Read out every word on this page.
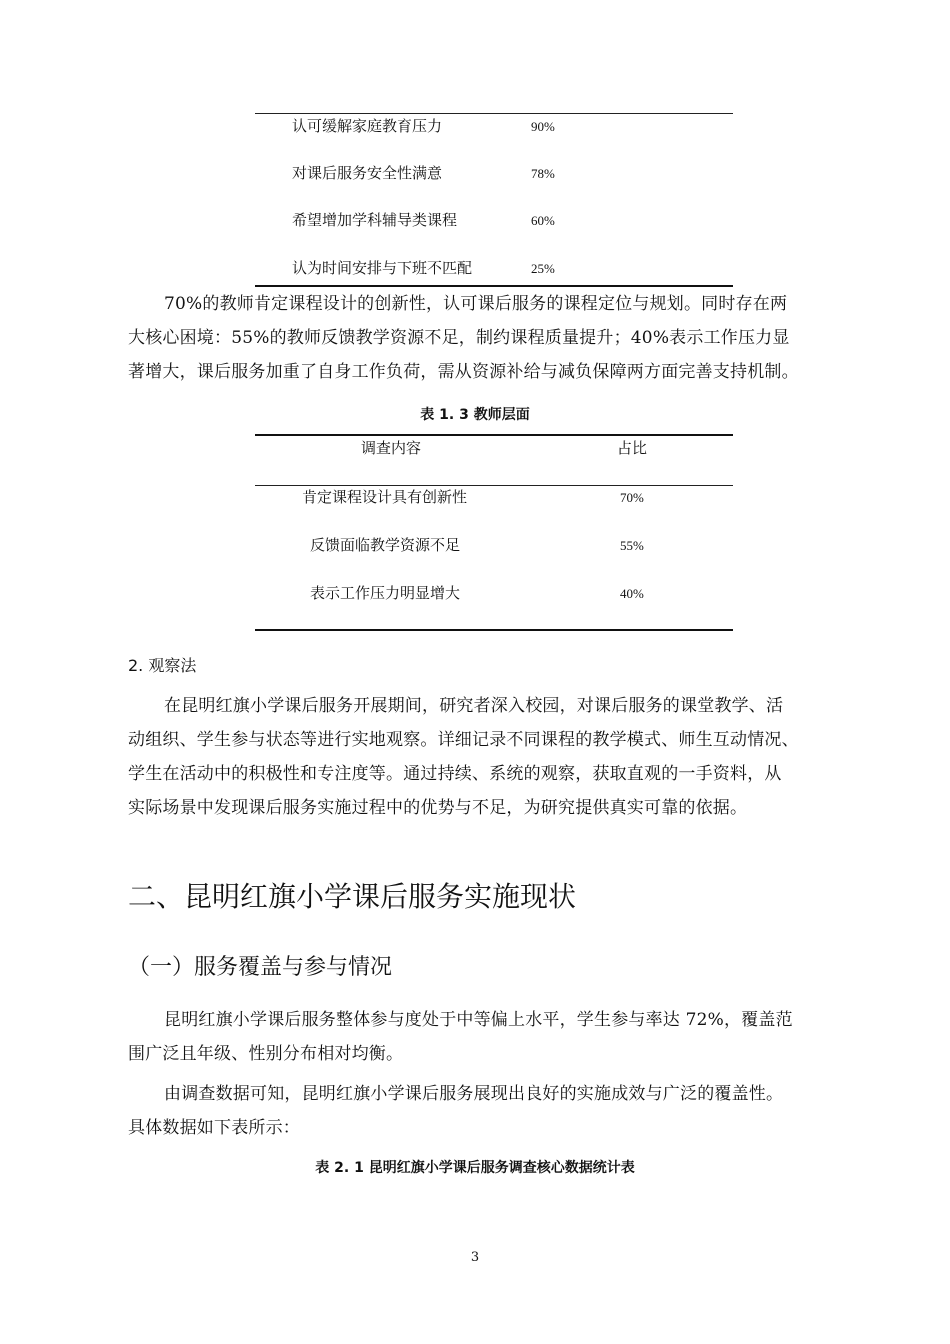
认可缓解家庭教育压力	90%
对课后服务安全性满意	78%
希望增加学科辅导类课程	60%
认为时间安排与下班不匹配	25%

70%的教师肯定课程设计的创新性，认可课后服务的课程定位与规划。同时存在两

大核心困境：55%的教师反馈教学资源不足，制约课程质量提升；40%表示工作压力显

著增大，课后服务加重了自身工作负荷，需从资源补给与减负保障两方面完善支持机制。

表 1. 3 教师层面
调查内容	占比
肯定课程设计具有创新性	70%
反馈面临教学资源不足	55%
表示工作压力明显增大	40%
2. 观察法

在昆明红旗小学课后服务开展期间，研究者深入校园，对课后服务的课堂教学、活

动组织、学生参与状态等进行实地观察。详细记录不同课程的教学模式、师生互动情况、

学生在活动中的积极性和专注度等。通过持续、系统的观察，获取直观的一手资料，从

实际场景中发现课后服务实施过程中的优势与不足，为研究提供真实可靠的依据。

二、昆明红旗小学课后服务实施现状
（一）服务覆盖与参与情况

昆明红旗小学课后服务整体参与度处于中等偏上水平，学生参与率达 72%，覆盖范

围广泛且年级、性别分布相对均衡。

由调查数据可知，昆明红旗小学课后服务展现出良好的实施成效与广泛的覆盖性。

具体数据如下表所示：

表 2. 1 昆明红旗小学课后服务调查核心数据统计表
3
